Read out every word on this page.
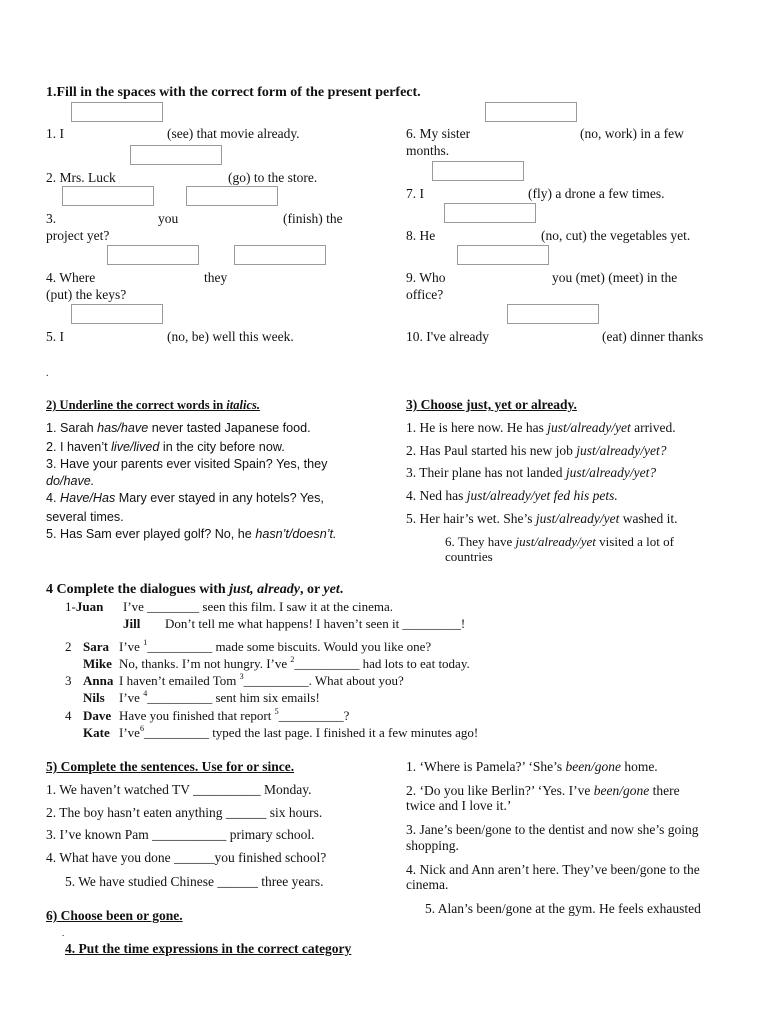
1.Fill in the spaces with the correct form of the present perfect.
1. I	(see) that movie already.
2. Mrs. Luck	(go) to the store.
3.	you	(finish) the
project yet?
4. Where	they
(put) the keys?
5. I	(no, be) well this week.
6. My sister	(no, work) in a few
months.
7. I	(fly) a drone a few times.
8. He	(no, cut) the vegetables yet.
9. Who	you (met) (meet) in the
office?
10. I've already	(eat) dinner thanks
.
2) Underline the correct words in italics.
1. Sarah has/have never tasted Japanese food.
2. I haven’t live/lived in the city before now.
3. Have your parents ever visited Spain? Yes, they
do/have.
4. Have/Has Mary ever stayed in any hotels? Yes,
several times.
5. Has Sam ever played golf? No, he hasn’t/doesn’t.
3) Choose just, yet or already.
1. He is here now. He has just/already/yet arrived.
2. Has Paul started his new job just/already/yet?
3. Their plane has not landed just/already/yet?
4. Ned has just/already/yet fed his pets.
5. Her hair’s wet. She’s just/already/yet washed it.
6. They have just/already/yet visited a lot of
countries
4 Complete the dialogues with just, already, or yet.
1-Juan I’ve ________ seen this film. I saw it at the cinema.
Jill Don’t tell me what happens! I haven’t seen it _________!
2 Sara I’ve $^1$__________ made some biscuits. Would you like one?
Mike No, thanks. I’m not hungry. I’ve $^2$__________ had lots to eat today.
3 Anna I haven’t emailed Tom $^3$__________. What about you?
Nils I’ve $^4$__________ sent him six emails!
4 Dave Have you finished that report $^5$__________?
Kate $I’ve^6\_\_\_\_\_\_\_\_\_\_$ typed the last page. I finished it a few minutes ago!
5) Complete the sentences. Use for or since.
1. We haven’t watched TV __________ Monday.
2. The boy hasn’t eaten anything ______ six hours.
3. I’ve known Pam ___________ primary school.
4. What have you done ______you finished school?
5. We have studied Chinese ______ three years.
6) Choose been or gone.
1. ‘Where is Pamela?’ ‘She’s been/gone home.
2. ‘Do you like Berlin?’ ‘Yes. I’ve been/gone there
twice and I love it.’
3. Jane’s been/gone to the dentist and now she’s going
shopping.
4. Nick and Ann aren’t here. They’ve been/gone to the
cinema.
5. Alan’s been/gone at the gym. He feels exhausted
.
4. Put the time expressions in the correct category
